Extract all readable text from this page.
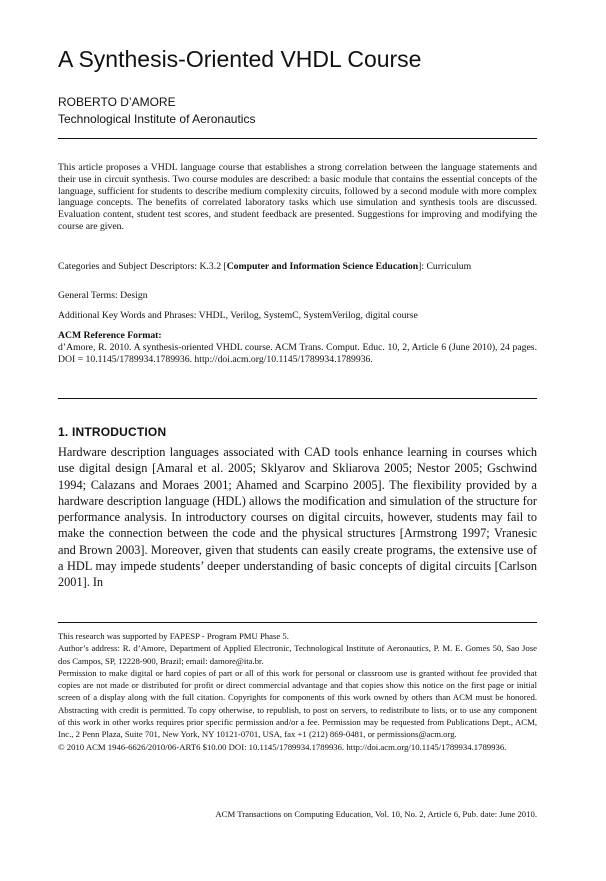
A Synthesis-Oriented VHDL Course

ROBERTO D’AMORE

Technological Institute of Aeronautics

This article proposes a VHDL language course that establishes a strong correlation between the language statements and their use in circuit synthesis. Two course modules are described: a basic module that contains the essential concepts of the language, sufficient for students to describe medium complexity circuits, followed by a second module with more complex language concepts. The benefits of correlated laboratory tasks which use simulation and synthesis tools are discussed. Evaluation content, student test scores, and student feedback are presented. Suggestions for improving and modifying the course are given.

Categories and Subject Descriptors: K.3.2 [Computer and Information Science Education]: Curriculum

General Terms: Design

Additional Key Words and Phrases: VHDL, Verilog, SystemC, SystemVerilog, digital course

ACM Reference Format:

d’Amore, R. 2010. A synthesis-oriented VHDL course. ACM Trans. Comput. Educ. 10, 2, Article 6 (June 2010), 24 pages. DOI = 10.1145/1789934.1789936. http://doi.acm.org/10.1145/1789934.1789936.

1. INTRODUCTION

Hardware description languages associated with CAD tools enhance learning in courses which use digital design [Amaral et al. 2005; Sklyarov and Skliarova 2005; Nestor 2005; Gschwind 1994; Calazans and Moraes 2001; Ahamed and Scarpino 2005]. The flexibility provided by a hardware description language (HDL) allows the modification and simulation of the structure for performance analysis. In introductory courses on digital circuits, however, students may fail to make the connection between the code and the physical structures [Armstrong 1997; Vranesic and Brown 2003]. Moreover, given that students can easily create programs, the extensive use of a HDL may impede students’ deeper understanding of basic concepts of digital circuits [Carlson 2001]. In

This research was supported by FAPESP - Program PMU Phase 5.

Author’s address: R. d’Amore, Department of Applied Electronic, Technological Institute of Aeronautics, P. M. E. Gomes 50, Sao Jose dos Campos, SP, 12228-900, Brazil; email: damore@ita.br.

Permission to make digital or hard copies of part or all of this work for personal or classroom use is granted without fee provided that copies are not made or distributed for profit or direct commercial advantage and that copies show this notice on the first page or initial screen of a display along with the full citation. Copyrights for components of this work owned by others than ACM must be honored. Abstracting with credit is permitted. To copy otherwise, to republish, to post on servers, to redistribute to lists, or to use any component of this work in other works requires prior specific permission and/or a fee. Permission may be requested from Publications Dept., ACM, Inc., 2 Penn Plaza, Suite 701, New York, NY 10121-0701, USA, fax +1 (212) 869-0481, or permissions@acm.org.

© 2010 ACM 1946-6626/2010/06-ART6 $10.00 DOI: 10.1145/1789934.1789936. http://doi.acm.org/10.1145/1789934.1789936.

ACM Transactions on Computing Education, Vol. 10, No. 2, Article 6, Pub. date: June 2010.
